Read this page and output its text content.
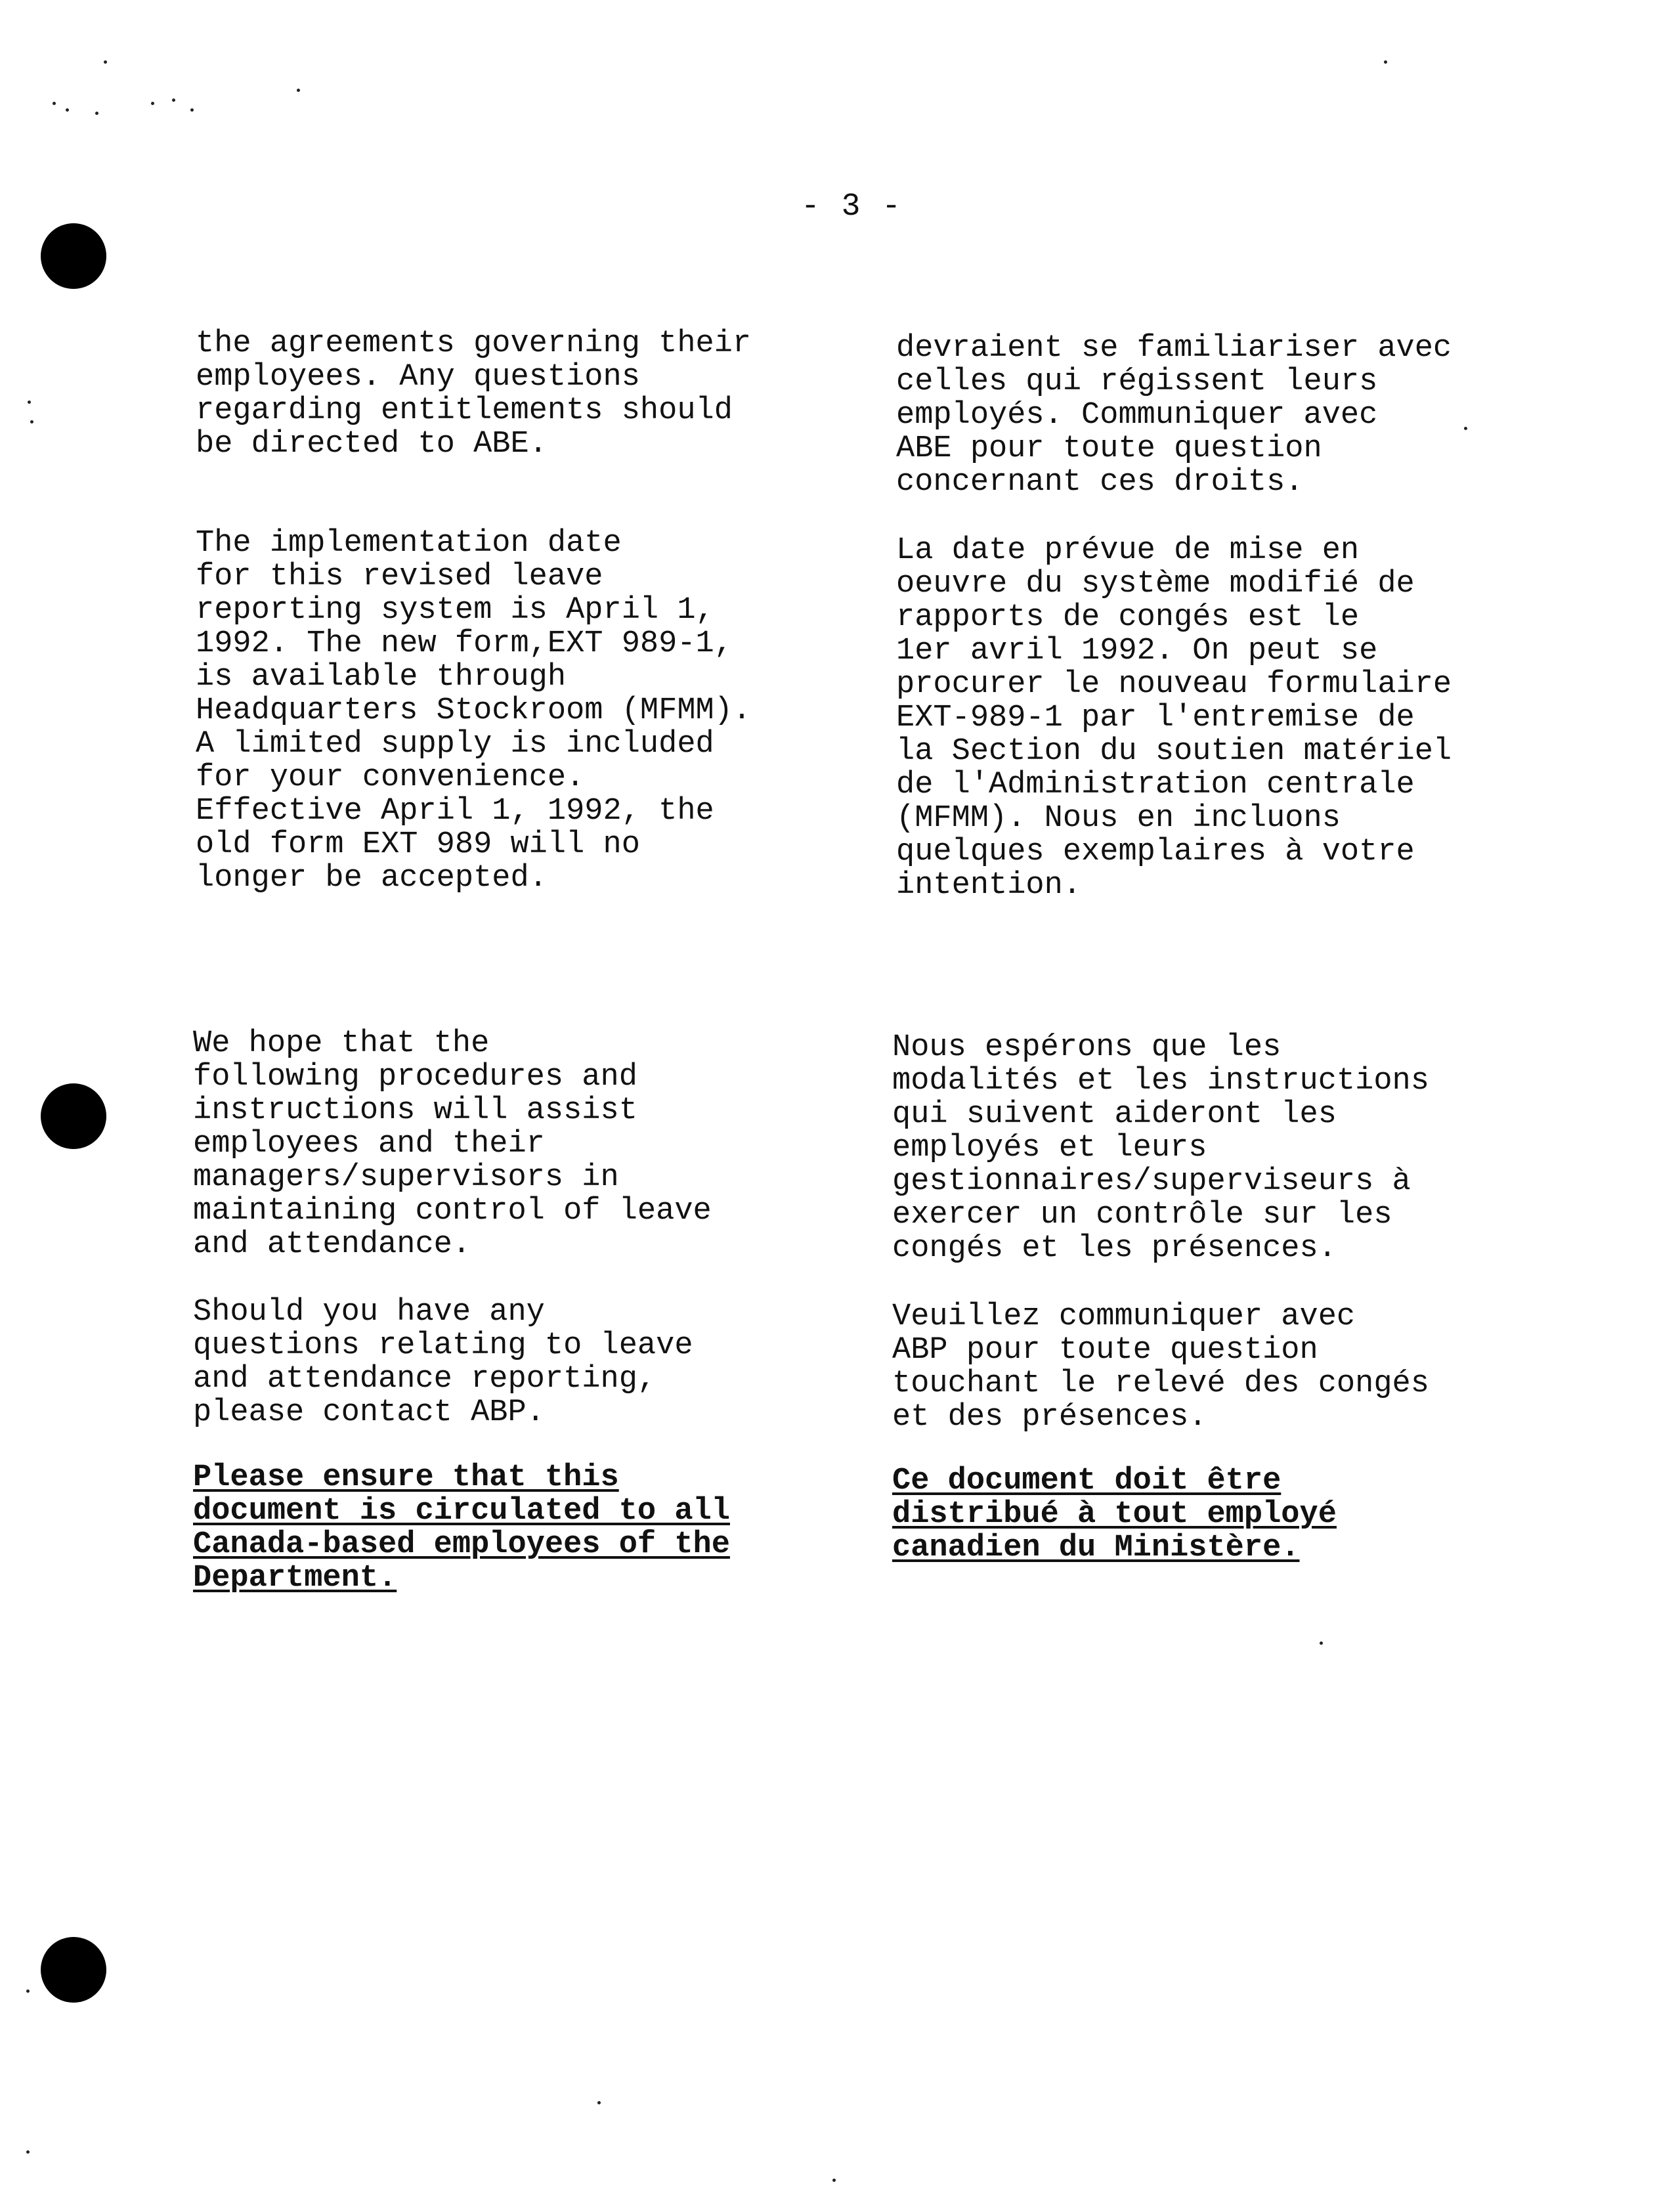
- 3 -

the agreements governing their
employees. Any questions
regarding entitlements should
be directed to ABE.

The implementation date
for this revised leave
reporting system is April 1,
1992. The new form,EXT 989-1,
is available through
Headquarters Stockroom (MFMM).
A limited supply is included
for your convenience.
Effective April 1, 1992, the
old form EXT 989 will no
longer be accepted.

We hope that the
following procedures and
instructions will assist
employees and their
managers/supervisors in
maintaining control of leave
and attendance.

Should you have any
questions relating to leave
and attendance reporting,
please contact ABP.

Please ensure that this
document is circulated to all
Canada-based employees of the
Department.

devraient se familiariser avec
celles qui régissent leurs
employés. Communiquer avec
ABE pour toute question
concernant ces droits.

La date prévue de mise en
oeuvre du système modifié de
rapports de congés est le
1er avril 1992. On peut se
procurer le nouveau formulaire
EXT-989-1 par l'entremise de
la Section du soutien matériel
de l'Administration centrale
(MFMM). Nous en incluons
quelques exemplaires à votre
intention.

Nous espérons que les
modalités et les instructions
qui suivent aideront les
employés et leurs
gestionnaires/superviseurs à
exercer un contrôle sur les
congés et les présences.

Veuillez communiquer avec
ABP pour toute question
touchant le relevé des congés
et des présences.

Ce document doit être
distribué à tout employé
canadien du Ministère.
